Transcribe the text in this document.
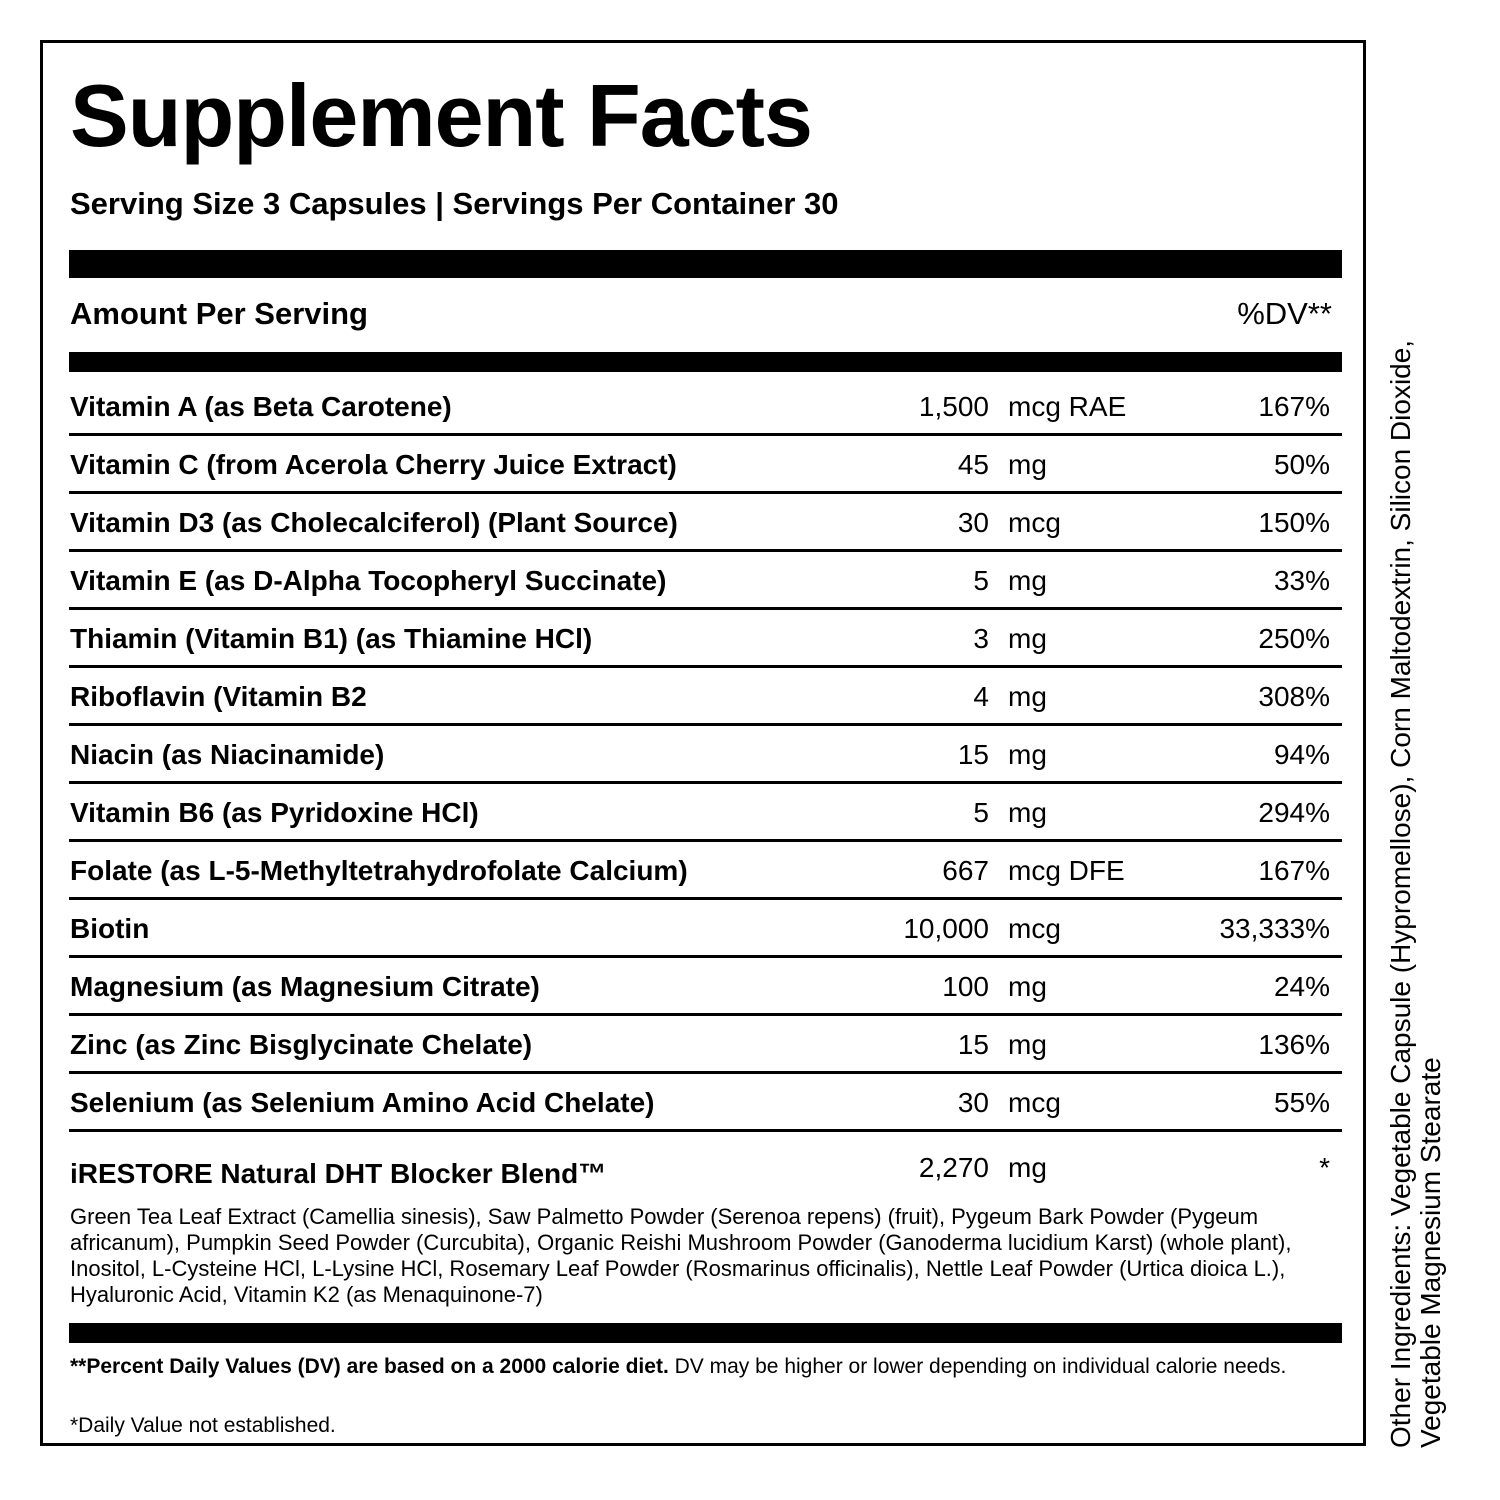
Supplement Facts
Serving Size 3 Capsules | Servings Per Container 30
Amount Per Serving	%DV**
Vitamin A (as Beta Carotene)	1,500 mcg RAE	167%
Vitamin C (from Acerola Cherry Juice Extract)	45 mg	50%
Vitamin D3 (as Cholecalciferol) (Plant Source)	30 mcg	150%
Vitamin E (as D-Alpha Tocopheryl Succinate)	5 mg	33%
Thiamin (Vitamin B1) (as Thiamine HCl)	3 mg	250%
Riboflavin (Vitamin B2	4 mg	308%
Niacin (as Niacinamide)	15 mg	94%
Vitamin B6 (as Pyridoxine HCl)	5 mg	294%
Folate (as L-5-Methyltetrahydrofolate Calcium)	667 mcg DFE	167%
Biotin	10,000 mcg	33,333%
Magnesium (as Magnesium Citrate)	100 mg	24%
Zinc (as Zinc Bisglycinate Chelate)	15 mg	136%
Selenium (as Selenium Amino Acid Chelate)	30 mcg	55%
iRESTORE Natural DHT Blocker Blend™	2,270 mg	*
Green Tea Leaf Extract (Camellia sinesis), Saw Palmetto Powder (Serenoa repens) (fruit), Pygeum Bark Powder (Pygeum africanum), Pumpkin Seed Powder (Curcubita), Organic Reishi Mushroom Powder (Ganoderma lucidium Karst) (whole plant), Inositol, L-Cysteine HCl, L-Lysine HCl, Rosemary Leaf Powder (Rosmarinus officinalis), Nettle Leaf Powder (Urtica dioica L.), Hyaluronic Acid, Vitamin K2 (as Menaquinone-7)
**Percent Daily Values (DV) are based on a 2000 calorie diet. DV may be higher or lower depending on individual calorie needs.
*Daily Value not established.	Other Ingredients: Vegetable Capsule (Hypromellose), Corn Maltodextrin, Silicon Dioxide, Vegetable Magnesium Stearate
